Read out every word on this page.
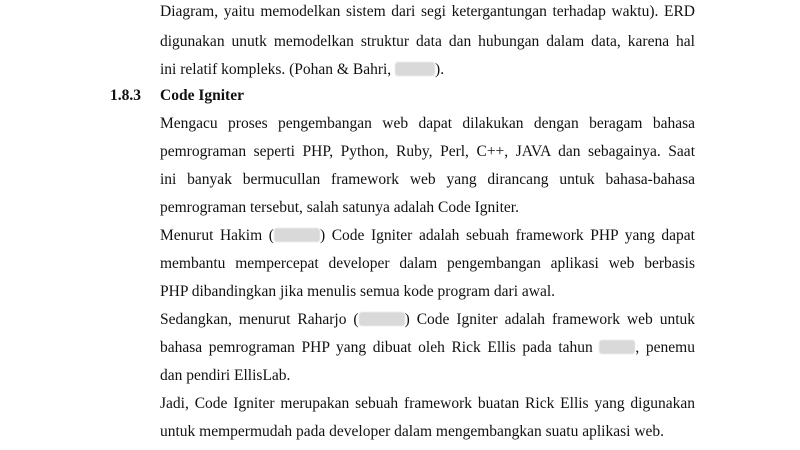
Diagram, yaitu memodelkan sistem dari segi ketergantungan terhadap waktu). ERD
digunakan unutk memodelkan struktur data dan hubungan dalam data, karena hal
ini relatif kompleks. (Pohan & Bahri,	).
1.8.3 Code Igniter
Mengacu proses pengembangan web dapat dilakukan dengan beragam bahasa
pemrograman seperti PHP, Python, Ruby, Perl, C++, JAVA dan sebagainya. Saat
ini banyak bermucullan framework web yang dirancang untuk bahasa-bahasa
pemrograman tersebut, salah satunya adalah Code Igniter.
Menurut Hakim (	) Code Igniter adalah sebuah framework PHP yang dapat
membantu mempercepat developer dalam pengembangan aplikasi web berbasis
PHP dibandingkan jika menulis semua kode program dari awal.
Sedangkan, menurut Raharjo (	) Code Igniter adalah framework web untuk
bahasa pemrograman PHP yang dibuat oleh Rick Ellis pada tahun , penemu
dan pendiri EllisLab.
Jadi, Code Igniter merupakan sebuah framework buatan Rick Ellis yang digunakan
untuk mempermudah pada developer dalam mengembangkan suatu aplikasi web.
